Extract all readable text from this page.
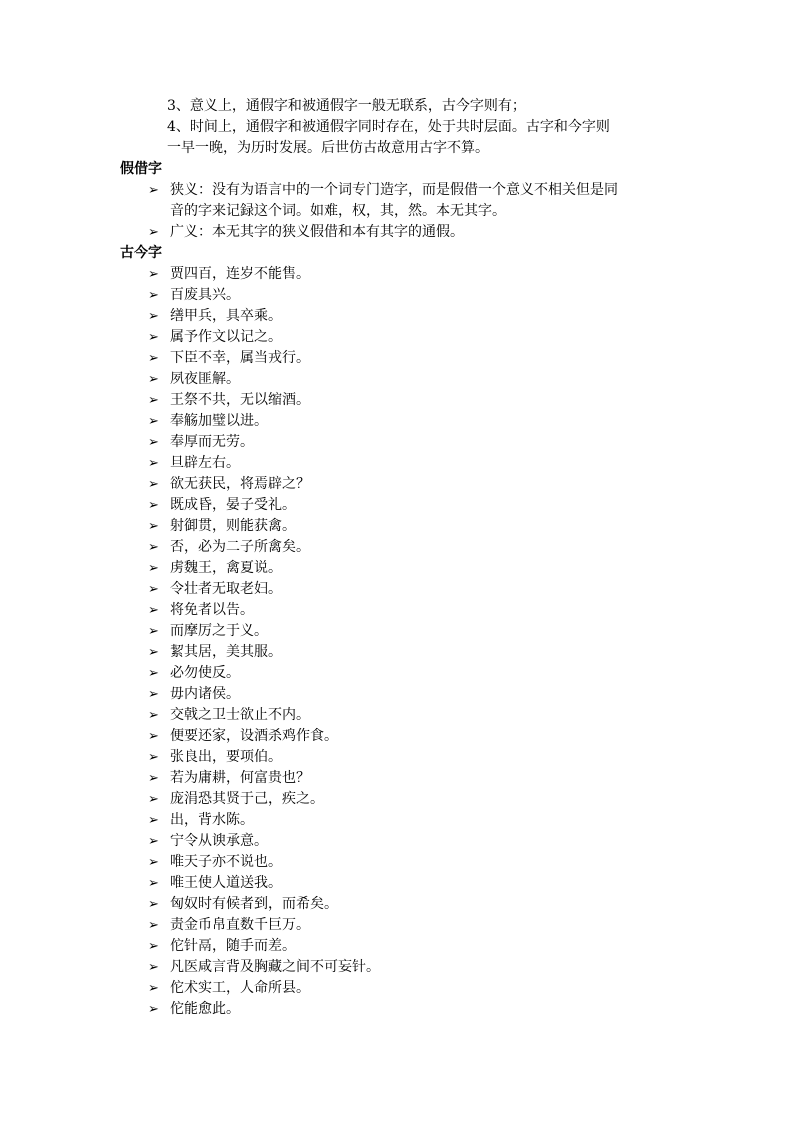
3、意义上，通假字和被通假字一般无联系，古今字则有；
4、时间上，通假字和被通假字同时存在，处于共时层面。古字和今字则
一早一晚，为历时发展。后世仿古故意用古字不算。
假借字
➢ 狭义：没有为语言中的一个词专门造字，而是假借一个意义不相关但是同
音的字来记録这个词。如难，权，其，然。本无其字。
➢ 广义：本无其字的狭义假借和本有其字的通假。
古今字
➢ 贾四百，连岁不能售。
➢ 百废具兴。
➢ 缮甲兵，具卒乘。
➢ 属予作文以记之。
➢ 下臣不幸，属当戎行。
➢ 夙夜匪解。
➢ 王祭不共，无以缩酒。
➢ 奉觞加璧以进。
➢ 奉厚而无劳。
➢ 旦辟左右。
➢ 欲无获民，将焉辟之？
➢ 既成昏，晏子受礼。
➢ 射御贯，则能获禽。
➢ 否，必为二子所禽矣。
➢ 虏魏王，禽夏说。
➢ 令壮者无取老妇。
➢ 将免者以告。
➢ 而摩厉之于义。
➢ 絜其居，美其服。
➢ 必勿使反。
➢ 毋内诸侯。
➢ 交戟之卫士欲止不内。
➢ 便要还家，设酒杀鸡作食。
➢ 张良出，要项伯。
➢ 若为庸耕，何富贵也？
➢ 庞涓恐其贤于己，疾之。
➢ 出，背水陈。
➢ 宁令从谀承意。
➢ 唯天子亦不说也。
➢ 唯王使人道送我。
➢ 匈奴时有候者到，而希矣。
➢ 责金币帛直数千巨万。
➢ 佗针鬲，随手而差。
➢ 凡医咸言背及胸藏之间不可妄针。
➢ 佗术实工，人命所县。
➢ 佗能愈此。
